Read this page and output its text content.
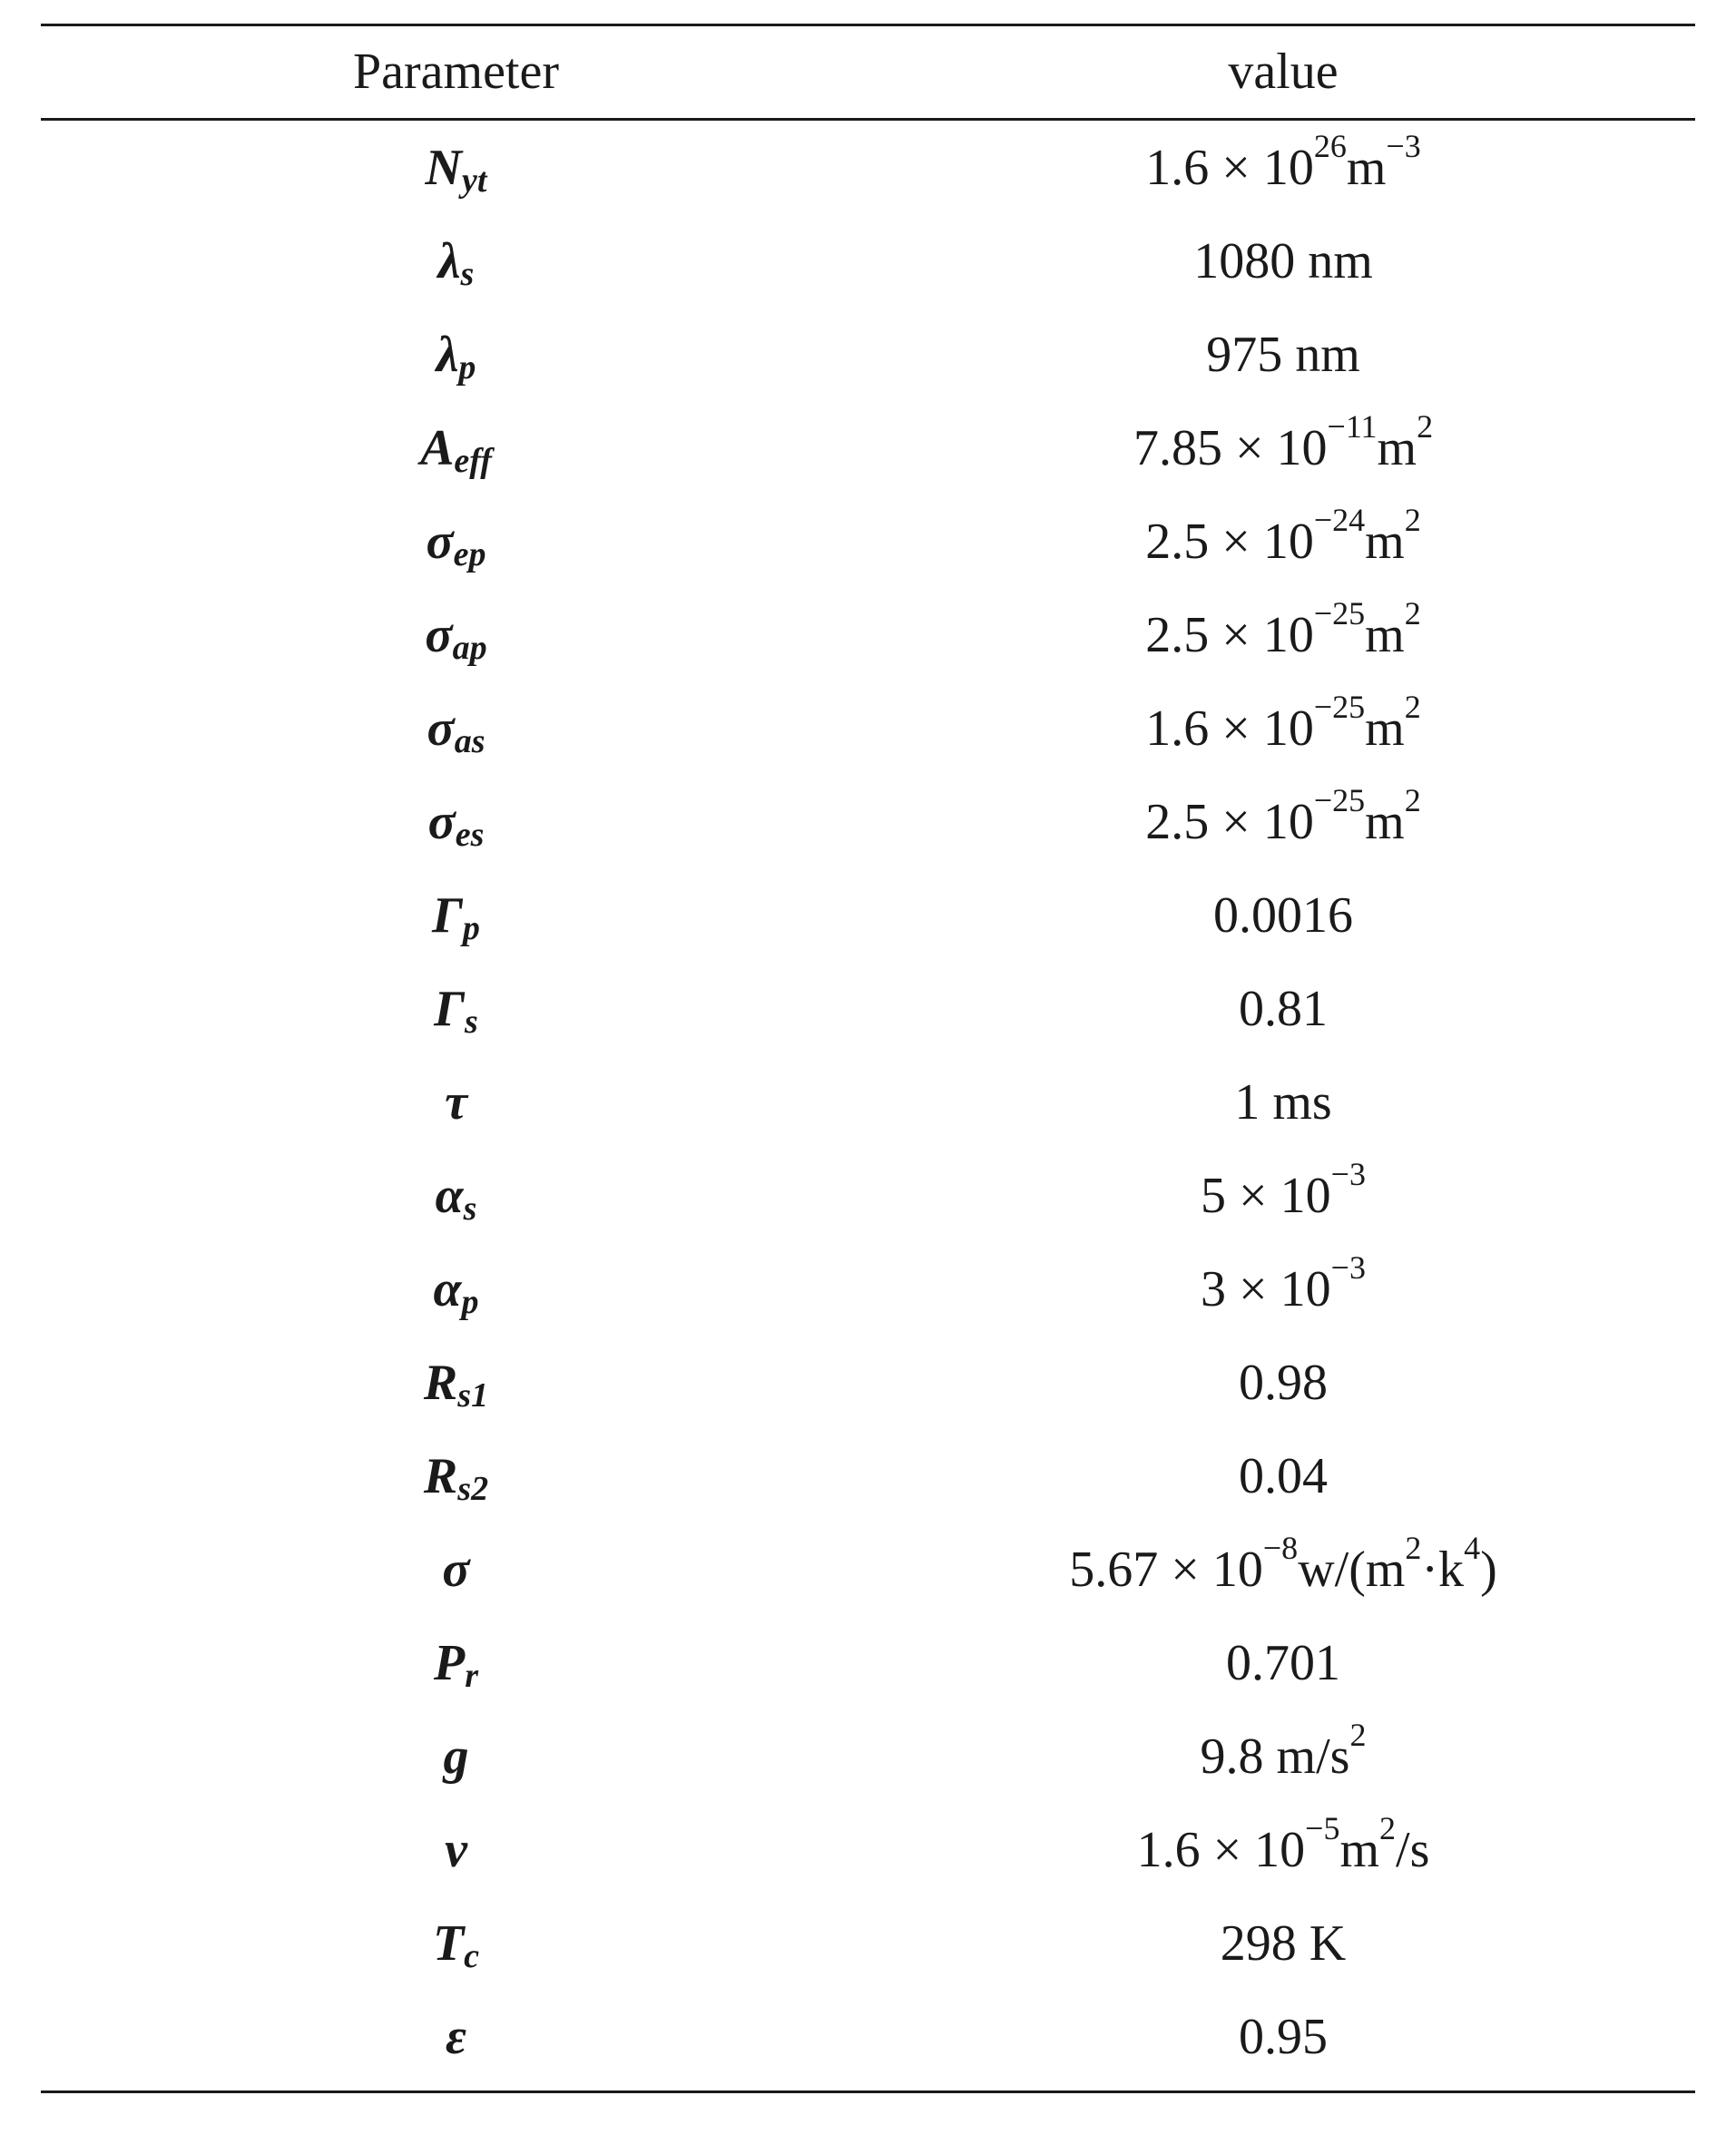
Parameter	value
N yt	1.6 × 10 26 m −3
λ s	1080 nm
λ p	975 nm
A eff	7.85 × 10 −11 m 2
σ ep	2.5 × 10 −24 m 2
σ ap	2.5 × 10 −25 m 2
σ as	1.6 × 10 −25 m 2
σ es	2.5 × 10 −25 m 2
Γ p	0.0016
Γ s	0.81
τ	1 ms
α s	5 × 10 −3
α p	3 × 10 −3
R s1	0.98
R s2	0.04
σ	5.67 × 10 −8 w/(m 2 ·k 4 )
P r	0.701
g	9.8 m/s 2
ν	1.6 × 10 −5 m 2 /s
T c	298 K
ε	0.95
